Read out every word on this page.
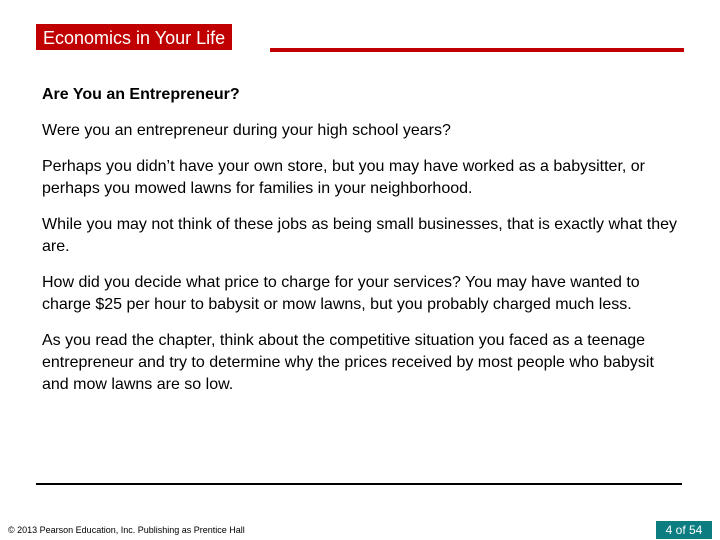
Economics in Your Life

Are You an Entrepreneur?

Were you an entrepreneur during your high school years?

Perhaps you didn’t have your own store, but you may have worked as a babysitter, or perhaps you mowed lawns for families in your neighborhood.

While you may not think of these jobs as being small businesses, that is exactly what they are.

How did you decide what price to charge for your services? You may have wanted to charge $25 per hour to babysit or mow lawns, but you probably charged much less.

As you read the chapter, think about the competitive situation you faced as a teenage entrepreneur and try to determine why the prices received by most people who babysit and mow lawns are so low.

© 2013 Pearson Education, Inc. Publishing as Prentice Hall	4 of 54
